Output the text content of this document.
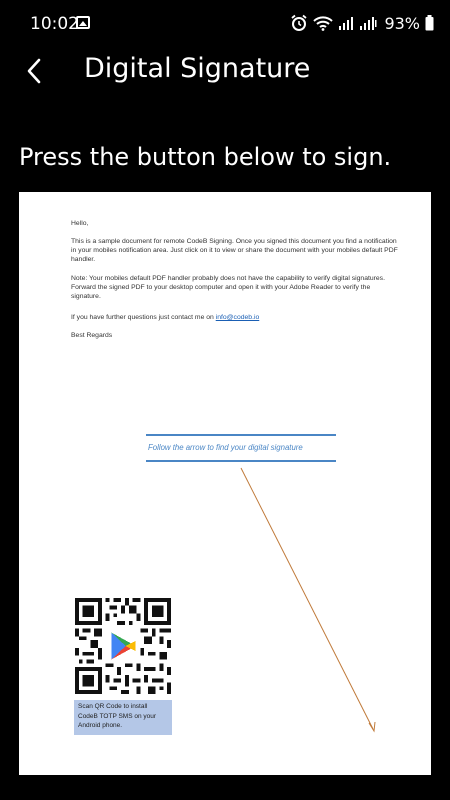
10:02	93%
Digital Signature
Press the button below to sign.

Hello,

This is a sample document for remote CodeB Signing. Once you signed this document you find a notification in your mobiles notification area. Just click on it to view or share the document with your mobiles default PDF handler.

Note: Your mobiles default PDF handler probably does not have the capability to verify digital signatures. Forward the signed PDF to your desktop computer and open it with your Adobe Reader to verify the signature.

If you have further questions just contact me on info@codeb.io

Best Regards

Follow the arrow to find your digital signature
Scan QR Code to install CodeB TOTP SMS on your Android phone.
